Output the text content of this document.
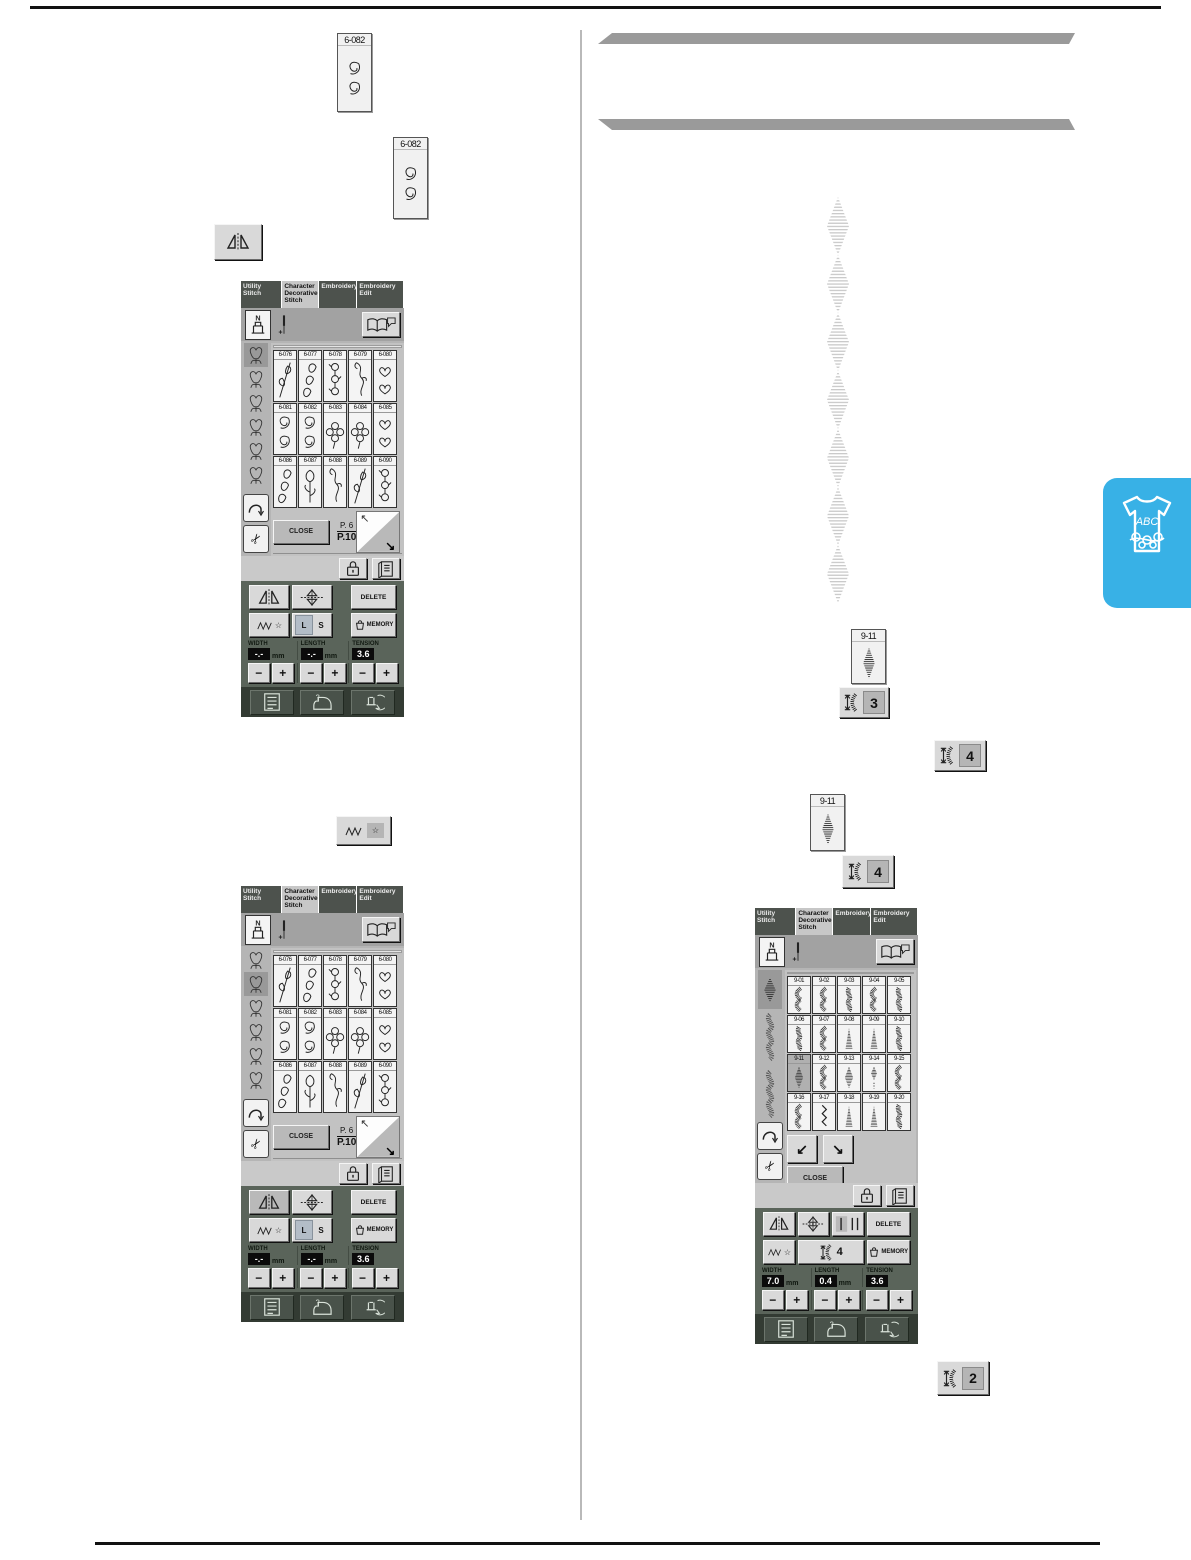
6-082
6-082
☆
Utility Stitch
Character Decorative Stitch
Embroidery Embroidery Edit
✂
6-076	6-077	6-078	6-079	6-080
6-081	6-082	6-083	6-084	6-085
6-086	6-087	6-088	6-089	6-090
CLOSE
P. 6
P.10
↖
↘
DELETE
☆	L	S	MEMORY
WIDTH
-.-	mm
LENGTH
-.-	mm
TENSION
3.6
−	+	−	+	−	+
Utility Stitch
Character Decorative Stitch
Embroidery Embroidery Edit
✂
6-076	6-077	6-078	6-079	6-080
6-081	6-082	6-083	6-084	6-085
6-086	6-087	6-088	6-089	6-090
CLOSE
P. 6
P.10
↖
↘
DELETE
☆	L	S	MEMORY
WIDTH
-.-	mm
LENGTH
-.-	mm
TENSION
3.6
−	+	−	+	−	+
ABC
9-11
9-11
3
4
4
2
Utility Stitch
Character Decorative Stitch
Embroidery Embroidery Edit
✂
9-01	9-02	9-03	9-04	9-05
9-06	9-07	9-08	9-09	9-10
9-11	9-12	9-13	9-14	9-15
9-16	9-17	9-18	9-19	9-20
↙	↘
CLOSE
DELETE
☆	4	MEMORY
WIDTH
7.0 mm
LENGTH
0.4 mm
TENSION
3.6
−	+	−	+	−	+
